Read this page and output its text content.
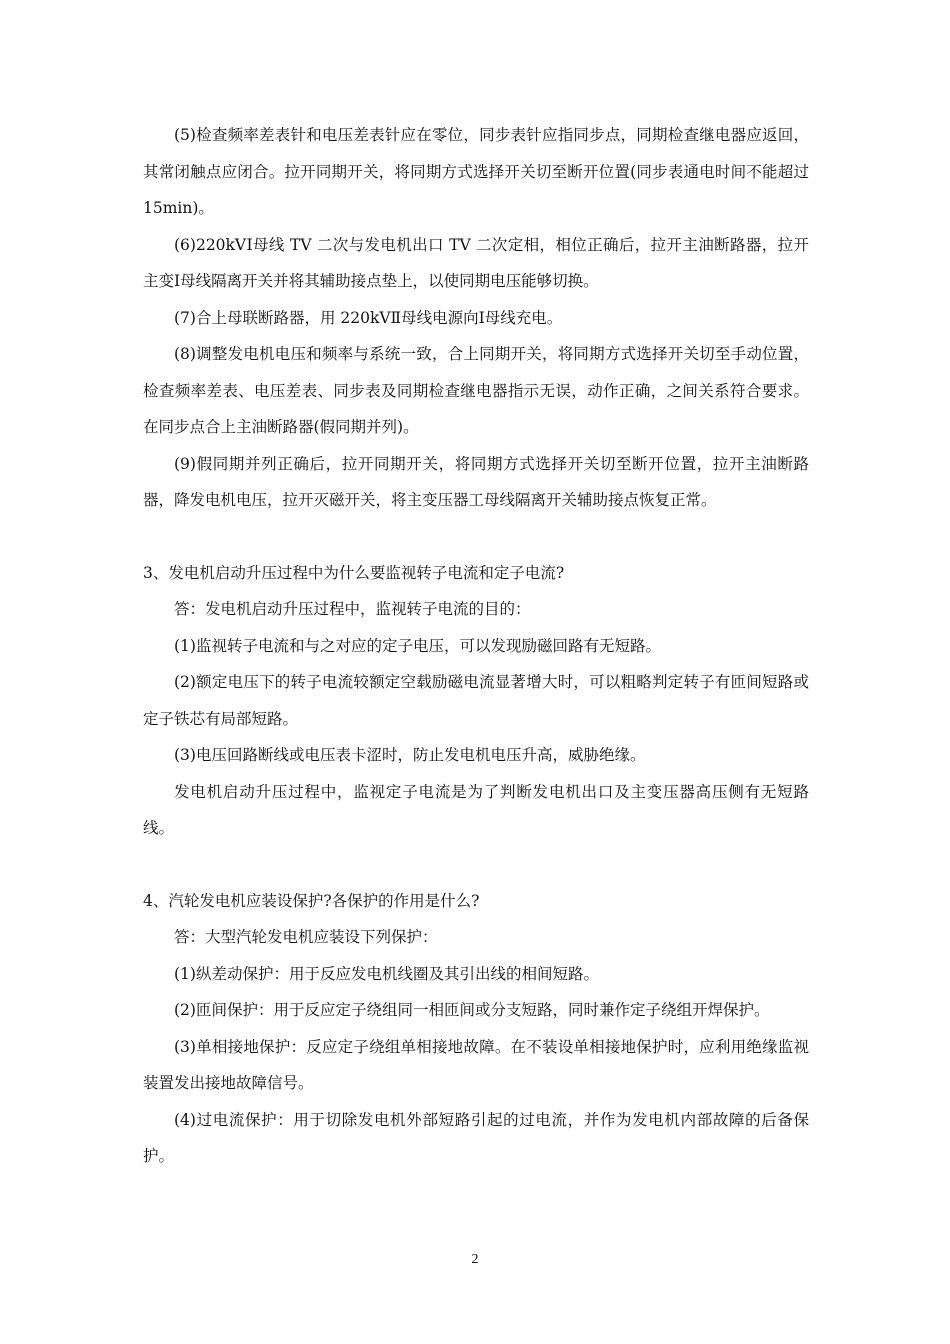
(5)检查频率差表针和电压差表针应在零位，同步表针应指同步点，同期检查继电器应返回，其常闭触点应闭合。拉开同期开关，将同期方式选择开关切至断开位置(同步表通电时间不能超过 15min)。

(6)220kVⅠ母线 TV 二次与发电机出口 TV 二次定相，相位正确后，拉开主油断路器，拉开主变Ⅰ母线隔离开关并将其辅助接点垫上，以使同期电压能够切换。

(7)合上母联断路器，用 220kVⅡ母线电源向Ⅰ母线充电。

(8)调整发电机电压和频率与系统一致，合上同期开关，将同期方式选择开关切至手动位置，检查频率差表、电压差表、同步表及同期检查继电器指示无误，动作正确，之间关系符合要求。在同步点合上主油断路器(假同期并列)。

(9)假同期并列正确后，拉开同期开关，将同期方式选择开关切至断开位置，拉开主油断路器，降发电机电压，拉开灭磁开关，将主变压器工母线隔离开关辅助接点恢复正常。

3、发电机启动升压过程中为什么要监视转子电流和定子电流?

答：发电机启动升压过程中，监视转子电流的目的：

(1)监视转子电流和与之对应的定子电压，可以发现励磁回路有无短路。

(2)额定电压下的转子电流较额定空载励磁电流显著增大时，可以粗略判定转子有匝间短路或定子铁芯有局部短路。

(3)电压回路断线或电压表卡涩时，防止发电机电压升高，威胁绝缘。

发电机启动升压过程中，监视定子电流是为了判断发电机出口及主变压器高压侧有无短路线。

4、汽轮发电机应装设保护?各保护的作用是什么?

答：大型汽轮发电机应装设下列保护：

(1)纵差动保护：用于反应发电机线圈及其引出线的相间短路。

(2)匝间保护：用于反应定子绕组同一相匝间或分支短路，同时兼作定子绕组开焊保护。

(3)单相接地保护：反应定子绕组单相接地故障。在不装设单相接地保护时，应利用绝缘监视装置发出接地故障信号。

(4)过电流保护：用于切除发电机外部短路引起的过电流，并作为发电机内部故障的后备保护。

2
